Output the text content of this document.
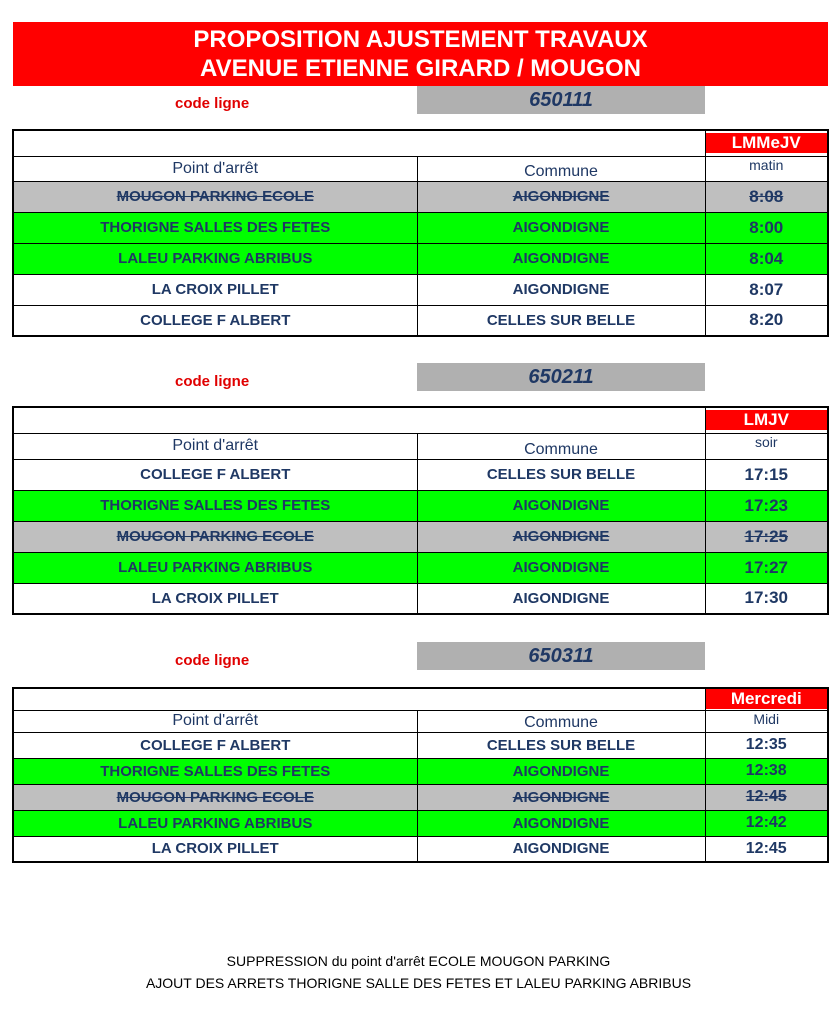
PROPOSITION AJUSTEMENT TRAVAUX
AVENUE ETIENNE GIRARD / MOUGON
code ligne	650111

LMMeJV

Point d'arrêt	Commune	matin
MOUGON PARKING ECOLE	AIGONDIGNE	8:08
THORIGNE SALLES DES FETES	AIGONDIGNE	8:00
LALEU PARKING ABRIBUS	AIGONDIGNE	8:04
LA CROIX PILLET	AIGONDIGNE	8:07
COLLEGE F ALBERT	CELLES SUR BELLE	8:20
code ligne	650211

LMJV

Point d'arrêt	Commune	soir
COLLEGE F ALBERT	CELLES SUR BELLE	17:15
THORIGNE SALLES DES FETES	AIGONDIGNE	17:23
MOUGON PARKING ECOLE	AIGONDIGNE	17:25
LALEU PARKING ABRIBUS	AIGONDIGNE	17:27
LA CROIX PILLET	AIGONDIGNE	17:30
code ligne	650311

Mercredi

Point d'arrêt	Commune	Midi
COLLEGE F ALBERT	CELLES SUR BELLE	12:35
THORIGNE SALLES DES FETES	AIGONDIGNE	12:38
MOUGON PARKING ECOLE	AIGONDIGNE	12:45
LALEU PARKING ABRIBUS	AIGONDIGNE	12:42
LA CROIX PILLET	AIGONDIGNE	12:45
SUPPRESSION du point d'arrêt ECOLE MOUGON PARKING
AJOUT DES ARRETS THORIGNE SALLE DES FETES ET LALEU PARKING ABRIBUS
